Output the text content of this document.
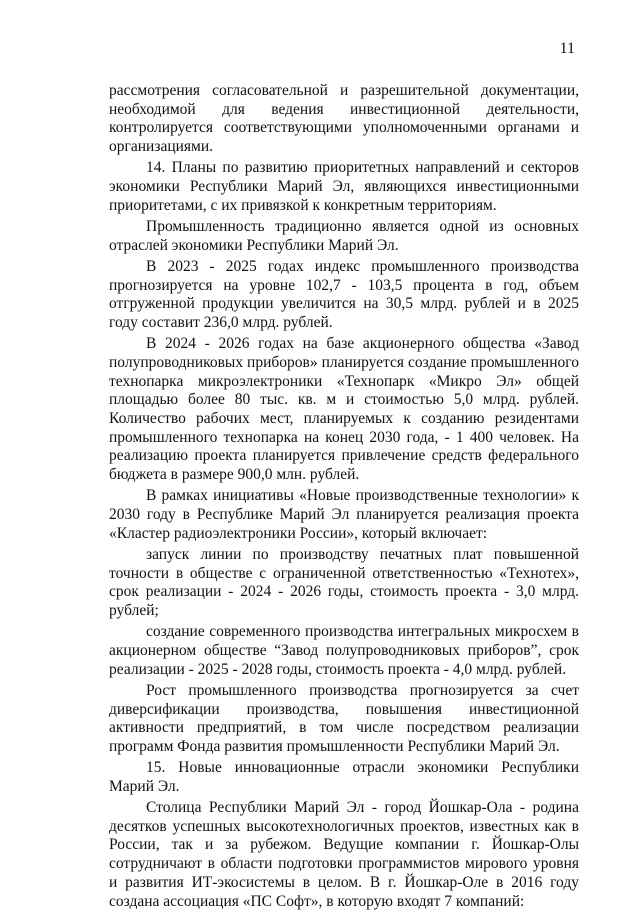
11

рассмотрения согласовательной и разрешительной документации, необходимой для ведения инвестиционной деятельности, контролируется соответствующими уполномоченными органами и организациями.

14. Планы по развитию приоритетных направлений и секторов экономики Республики Марий Эл, являющихся инвестиционными приоритетами, с их привязкой к конкретным территориям.

Промышленность традиционно является одной из основных отраслей экономики Республики Марий Эл.

В 2023 - 2025 годах индекс промышленного производства прогнозируется на уровне 102,7 - 103,5 процента в год, объем отгруженной продукции увеличится на 30,5 млрд. рублей и в 2025 году составит 236,0 млрд. рублей.

В 2024 - 2026 годах на базе акционерного общества «Завод полупроводниковых приборов» планируется создание промышленного технопарка микроэлектроники «Технопарк «Микро Эл» общей площадью более 80 тыс. кв. м и стоимостью 5,0 млрд. рублей. Количество рабочих мест, планируемых к созданию резидентами промышленного технопарка на конец 2030 года, - 1 400 человек. На реализацию проекта планируется привлечение средств федерального бюджета в размере 900,0 млн. рублей.

В рамках инициативы «Новые производственные технологии» к 2030 году в Республике Марий Эл планируется реализация проекта «Кластер радиоэлектроники России», который включает:

запуск линии по производству печатных плат повышенной точности в обществе с ограниченной ответственностью «Технотех», срок реализации - 2024 - 2026 годы, стоимость проекта - 3,0 млрд. рублей;

создание современного производства интегральных микросхем в акционерном обществе “Завод полупроводниковых приборов”, срок реализации - 2025 - 2028 годы, стоимость проекта - 4,0 млрд. рублей.

Рост промышленного производства прогнозируется за счет диверсификации производства, повышения инвестиционной активности предприятий, в том числе посредством реализации программ Фонда развития промышленности Республики Марий Эл.

15. Новые инновационные отрасли экономики Республики Марий Эл.

Столица Республики Марий Эл - город Йошкар-Ола - родина десятков успешных высокотехнологичных проектов, известных как в России, так и за рубежом. Ведущие компании г. Йошкар-Олы сотрудничают в области подготовки программистов мирового уровня и развития ИТ-экосистемы в целом. В г. Йошкар-Оле в 2016 году создана ассоциация «ПС Софт», в которую входят 7 компаний:
